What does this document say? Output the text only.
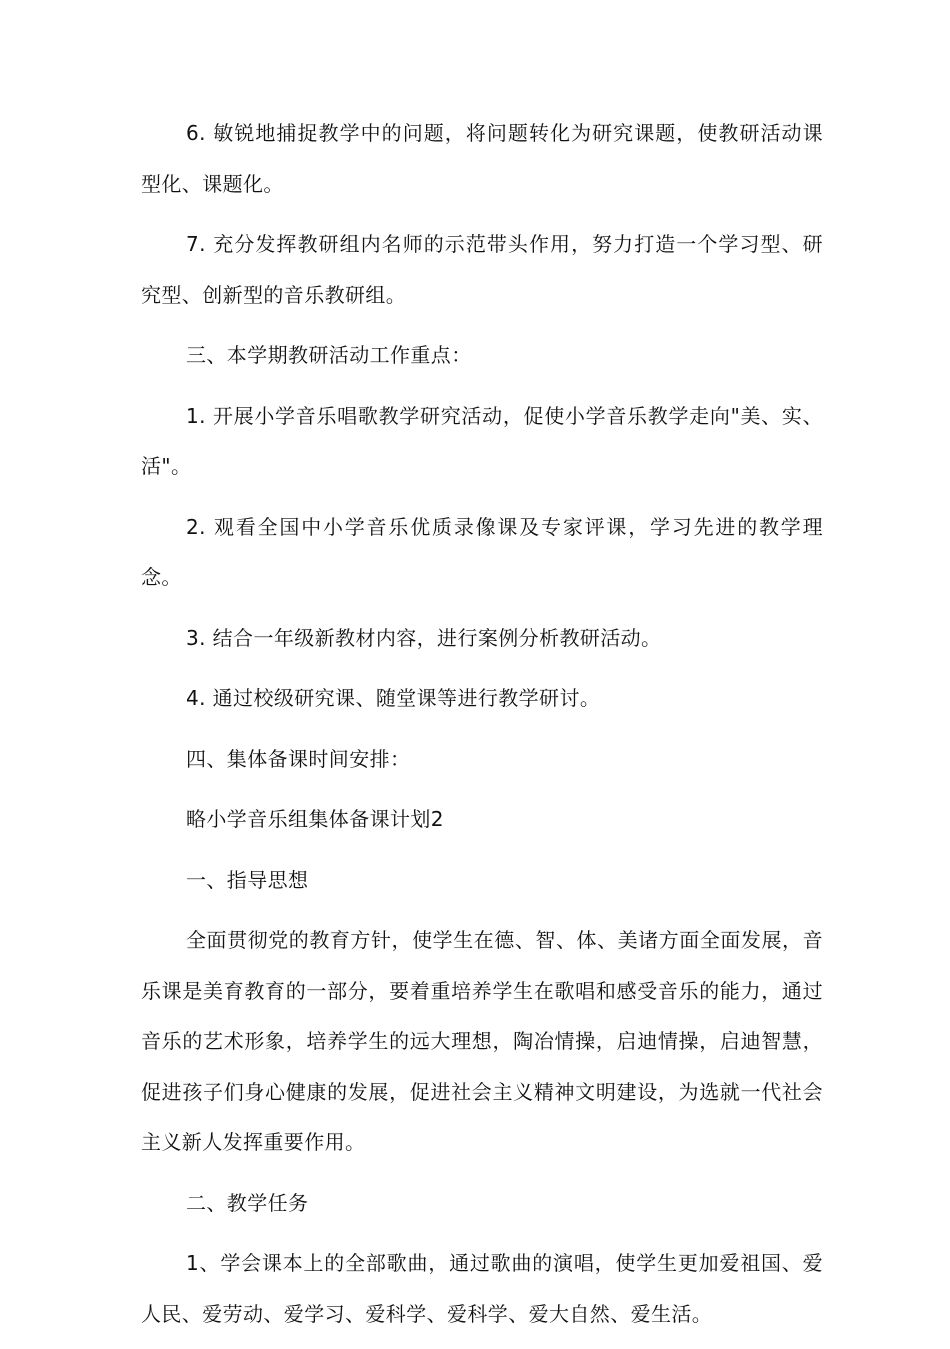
6. 敏锐地捕捉教学中的问题，将问题转化为研究课题，使教研活动课型化、课题化。

7. 充分发挥教研组内名师的示范带头作用，努力打造一个学习型、研究型、创新型的音乐教研组。

三、本学期教研活动工作重点：

1. 开展小学音乐唱歌教学研究活动，促使小学音乐教学走向"美、实、活"。

2. 观看全国中小学音乐优质录像课及专家评课，学习先进的教学理念。

3. 结合一年级新教材内容，进行案例分析教研活动。

4. 通过校级研究课、随堂课等进行教学研讨。

四、集体备课时间安排：

略小学音乐组集体备课计划2

一、指导思想

全面贯彻党的教育方针，使学生在德、智、体、美诸方面全面发展，音乐课是美育教育的一部分，要着重培养学生在歌唱和感受音乐的能力，通过音乐的艺术形象，培养学生的远大理想，陶冶情操，启迪情操，启迪智慧，促进孩子们身心健康的发展，促进社会主义精神文明建设，为选就一代社会主义新人发挥重要作用。

二、教学任务

1、学会课本上的全部歌曲，通过歌曲的演唱，使学生更加爱祖国、爱人民、爱劳动、爱学习、爱科学、爱科学、爱大自然、爱生活。
